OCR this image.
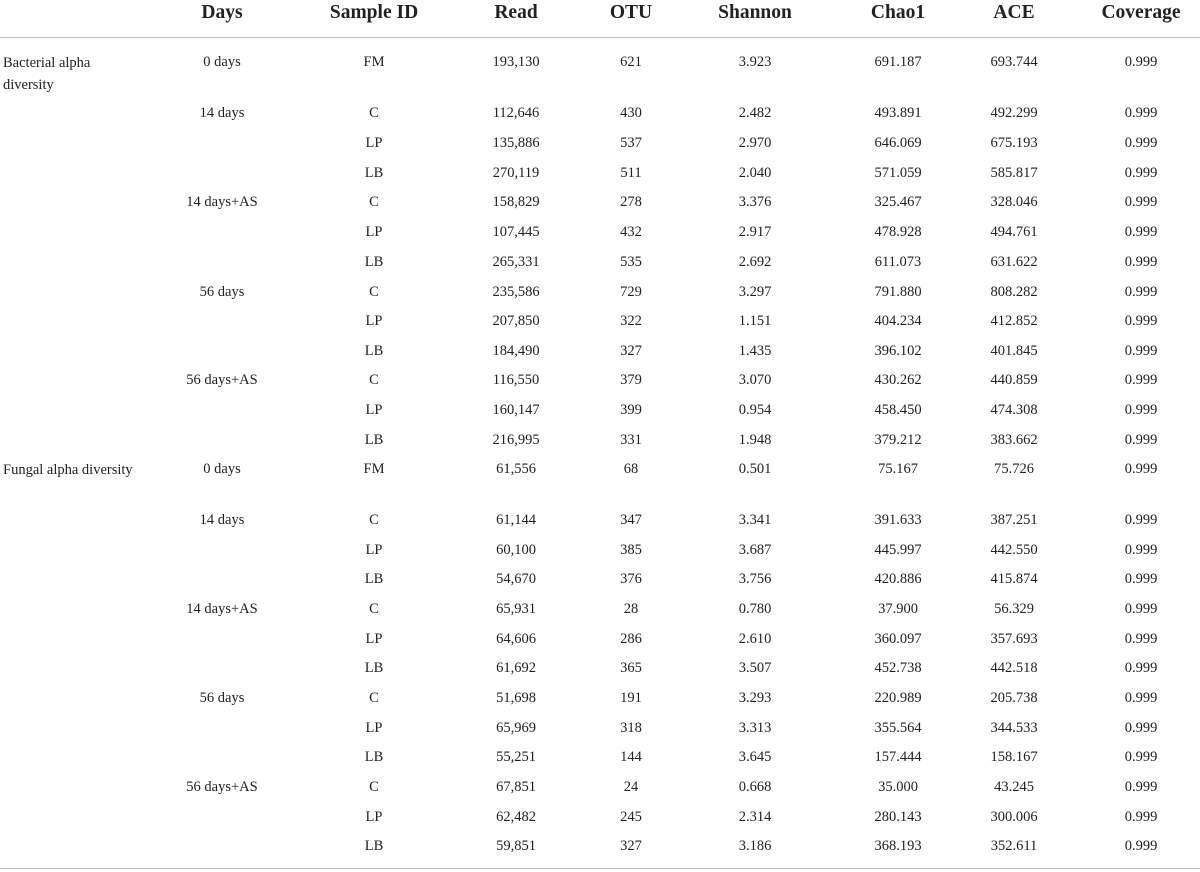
Days	Sample ID	Read	OTU	Shannon	Chao1	ACE	Coverage
Bacterial alpha diversity
0 days	FM	193,130	621	3.923	691.187	693.744	0.999
14 days	C	112,646	430	2.482	493.891	492.299	0.999
LP	135,886	537	2.970	646.069	675.193	0.999
LB	270,119	511	2.040	571.059	585.817	0.999
14 days+AS	C	158,829	278	3.376	325.467	328.046	0.999
LP	107,445	432	2.917	478.928	494.761	0.999
LB	265,331	535	2.692	611.073	631.622	0.999
56 days	C	235,586	729	3.297	791.880	808.282	0.999
LP	207,850	322	1.151	404.234	412.852	0.999
LB	184,490	327	1.435	396.102	401.845	0.999
56 days+AS	C	116,550	379	3.070	430.262	440.859	0.999
LP	160,147	399	0.954	458.450	474.308	0.999
LB	216,995	331	1.948	379.212	383.662	0.999
Fungal alpha diversity	0 days	FM	61,556	68	0.501	75.167	75.726	0.999
14 days	C	61,144	347	3.341	391.633	387.251	0.999
LP	60,100	385	3.687	445.997	442.550	0.999
LB	54,670	376	3.756	420.886	415.874	0.999
14 days+AS	C	65,931	28	0.780	37.900	56.329	0.999
LP	64,606	286	2.610	360.097	357.693	0.999
LB	61,692	365	3.507	452.738	442.518	0.999
56 days	C	51,698	191	3.293	220.989	205.738	0.999
LP	65,969	318	3.313	355.564	344.533	0.999
LB	55,251	144	3.645	157.444	158.167	0.999
56 days+AS	C	67,851	24	0.668	35.000	43.245	0.999
LP	62,482	245	2.314	280.143	300.006	0.999
LB	59,851	327	3.186	368.193	352.611	0.999
